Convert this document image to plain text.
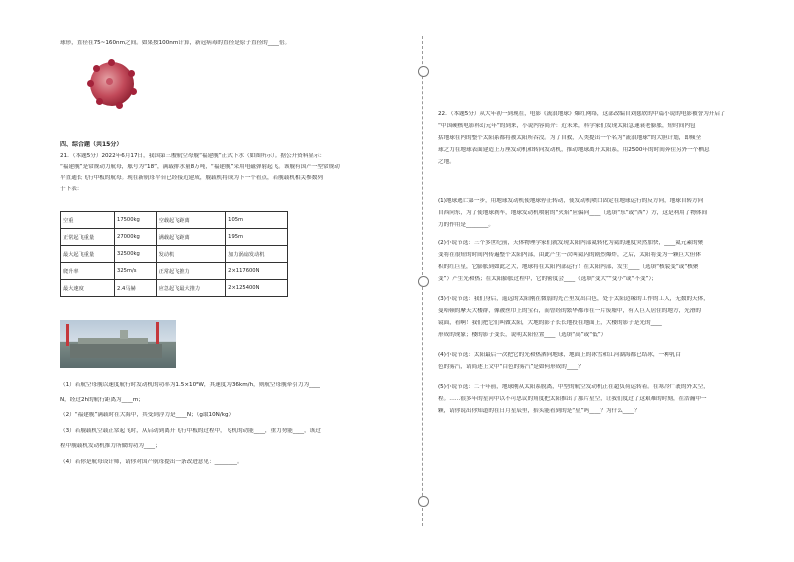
球形，直径在75~160nm之间。如果按100nm计算，新冠病毒的直径是原子直径的____倍。
四、综合题（共15分）
21．（本题5分）2022年6月17日，我国第三艘航空母舰“福建舰”正式下水（如图所示）。据公开资料显示：
“福建舰”是常规动力航母，舷号为“18”，满载排水量8万吨，“福建舰”采用电磁弹射起飞。该舰有国产一型常规动
平直通长飞行甲板的航母。现在新航母平台已经接近建成，舰载机将成为下一个看点，若舰载机相关参数列
于下表：
空重	17500kg	空载起飞距离	105m
正常起飞重量	27000kg	满载起飞距离	195m
最大起飞重量	32500kg	发动机	加力涡扇发动机
爬升率	325m/s	正常起飞推力	2×117600N
最大速度	2.4马赫	应急起飞最大推力	2×125400N
（1）若航空母舰以速度航行时发动机的功率为1.5×10⁸W，其速度为36km/h，则航空母舰牵引力为____
N，经过2h的航行距离为____m；
（2）“福建舰”满载时在大海中，其受到浮力是____N；（g取10N/kg）
（3）若舰载机空载正常起飞时，从启动到离开飞行甲板的过程中，飞机的动能____，重力势能____，该过
程中舰载机发动机推力所做的功为____；
（4）若你是航母设计师，请你对国产航母提出一条改进意见：________。
22．（本题5分）从大年初一到现在，电影《流浪地球》爆红网络，这部改编自刘慈欣的中篇小说的电影被誉为开启了
“中国硬核电影科幻元年”的到来，小说内容简介：近未来，科学家们发现太阳急速衰老膨胀，短时间内包
括地球在内的整个太阳系都将被太阳所吞没。为了自救，人类提出一个名为“流浪地球”的大胆计划，即倾全
球之力在地球表面建造上万座发动机和转向发动机，推动地球离开太阳系，用2500年的时间奔往另外一个栖息
之地。
(1)地球逃亡第一步，用地球发动机使地球停止转动，使发动机喷口固定在地球运行的反方向，地球自转方向
自西向东，为了使地球刹车，地球发动机喷射的“火焰”应偏向____（选填“东”或“西”）方，这是利用了物体间
力的作用是________。
(2)小说节选：三个多世纪前，天体物理学家们就发现太阳内部氦转化为氦的速度突然加快，____氦元素的聚
变将在很短的时间内传遍整个太阳内部，由此产生一次叫氦闪的剧烈爆炸，之后，太阳将变为一颗巨大但体
积的红巨星，它膨胀到如此之大，地球将在太阳内部运行！在太阳内部，发生____（选填“核裂变”或“核聚
变”）产生光和热；在太阳膨胀过程中，它的密度会____（选填“变大”“变小”或“不变”）；
(3)小说节选：我们身后，遥远的太阳刚在微弱的光芒里发出白色，处于太阳边缘的工作的工人，无数的天体，
曼哈顿的摩天大楼群，像被丝巾上的宝石，而曾经的繁华都市在一片废墟中，有人巨人居住的地方，光滑的
镜面，看啊！我们把它们叫做太阳，大地的影子长长地投在地面上，大楼的影子是光的____
形成的现象；楼的影子变长，说明太阳位置____（选填“高”或“低”）
(4)小说节选：太阳最后一次把它的光和热洒向地球，地面上的冰雪和江河湖海都已结冰，一种乳白
色的雾汽，请简述上文中“白色的雾汽”是如何形成的____？
(5)小说节选：二十年前，地球刚从太阳系脱离，中型的航空发动机正在超负荷运转着。在寒冷广袤的外太空，
程。……很多年的星河中以不可思议的角度把太阳推出了那片星空，让我们度过了这艰难的时刻，在浩瀚中一
颗，请你说出你知道的在日月星辰里，抬头能看到的是“星”吗____？为什么____？
